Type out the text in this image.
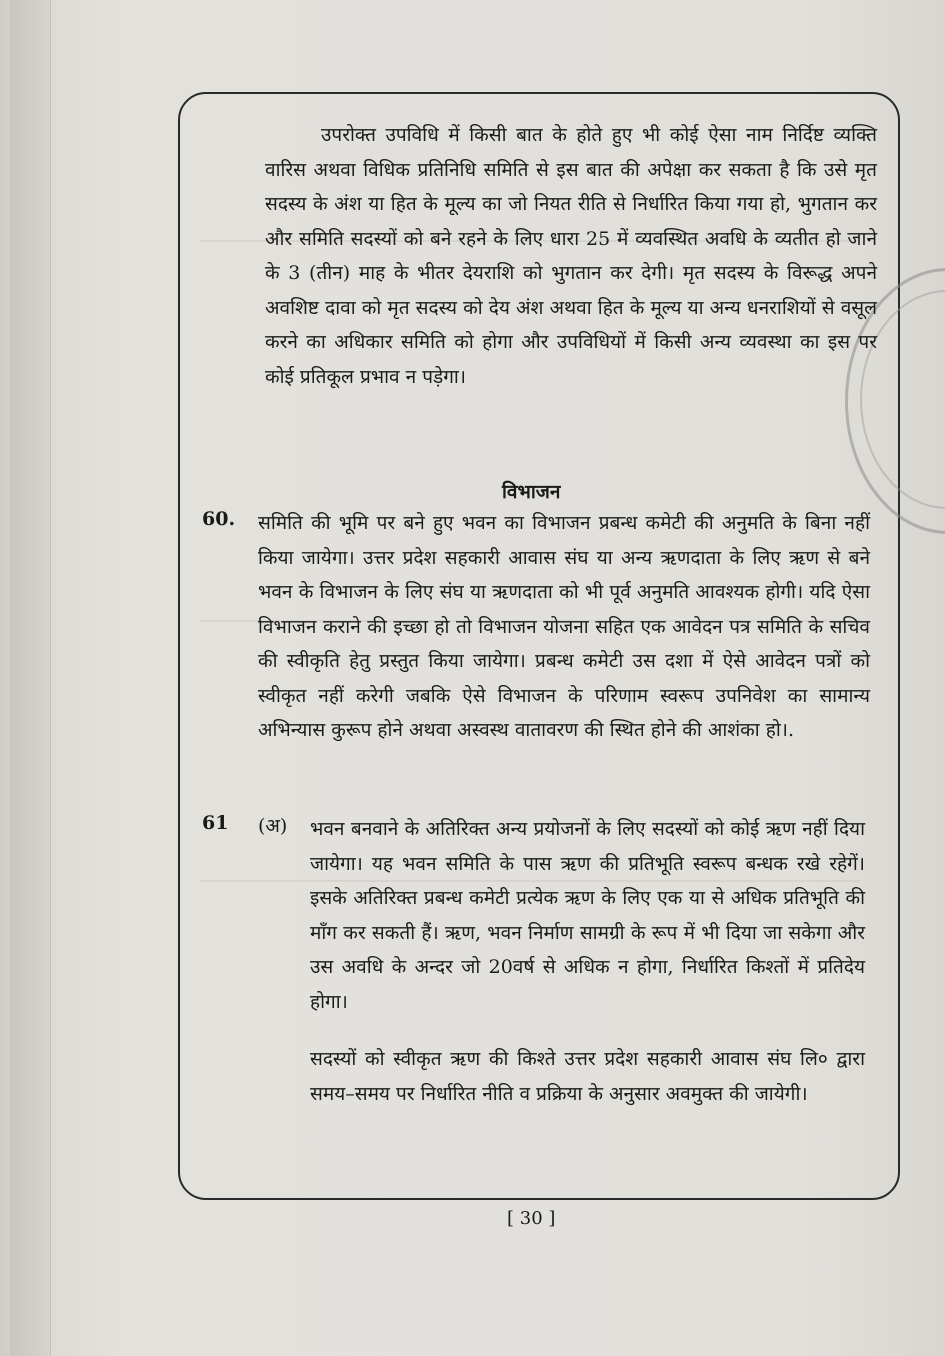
उपरोक्त उपविधि में किसी बात के होते हुए भी कोई ऐसा नाम निर्दिष्ट व्यक्ति वारिस अथवा विधिक प्रतिनिधि समिति से इस बात की अपेक्षा कर सकता है कि उसे मृत सदस्य के अंश या हित के मूल्य का जो नियत रीति से निर्धारित किया गया हो, भुगतान कर और समिति सदस्यों को बने रहने के लिए धारा 25 में व्यवस्थित अवधि के व्यतीत हो जाने के 3 (तीन) माह के भीतर देयराशि को भुगतान कर देगी। मृत सदस्य के विरूद्ध अपने अवशिष्ट दावा को मृत सदस्य को देय अंश अथवा हित के मूल्य या अन्य धनराशियों से वसूल करने का अधिकार समिति को होगा और उपविधियों में किसी अन्य व्यवस्था का इस पर कोई प्रतिकूल प्रभाव न पड़ेगा।
विभाजन
60. समिति की भूमि पर बने हुए भवन का विभाजन प्रबन्ध कमेटी की अनुमति के बिना नहीं किया जायेगा। उत्तर प्रदेश सहकारी आवास संघ या अन्य ऋणदाता के लिए ऋण से बने भवन के विभाजन के लिए संघ या ऋणदाता को भी पूर्व अनुमति आवश्यक होगी। यदि ऐसा विभाजन कराने की इच्छा हो तो विभाजन योजना सहित एक आवेदन पत्र समिति के सचिव की स्वीकृति हेतु प्रस्तुत किया जायेगा। प्रबन्ध कमेटी उस दशा में ऐसे आवेदन पत्रों को स्वीकृत नहीं करेगी जबकि ऐसे विभाजन के परिणाम स्वरूप उपनिवेश का सामान्य अभिन्यास कुरूप होने अथवा अस्वस्थ वातावरण की स्थित होने की आशंका हो।.
61 (अ) भवन बनवाने के अतिरिक्त अन्य प्रयोजनों के लिए सदस्यों को कोई ऋण नहीं दिया जायेगा। यह भवन समिति के पास ऋण की प्रतिभूति स्वरूप बन्धक रखे रहेगें। इसके अतिरिक्त प्रबन्ध कमेटी प्रत्येक ऋण के लिए एक या से अधिक प्रतिभूति की माँग कर सकती हैं। ऋण, भवन निर्माण सामग्री के रूप में भी दिया जा सकेगा और उस अवधि के अन्दर जो 20वर्ष से अधिक न होगा, निर्धारित किश्तों में प्रतिदेय होगा।
सदस्यों को स्वीकृत ऋण की किश्ते उत्तर प्रदेश सहकारी आवास संघ लि० द्वारा समय–समय पर निर्धारित नीति व प्रक्रिया के अनुसार अवमुक्त की जायेगी।
[ 30 ]
